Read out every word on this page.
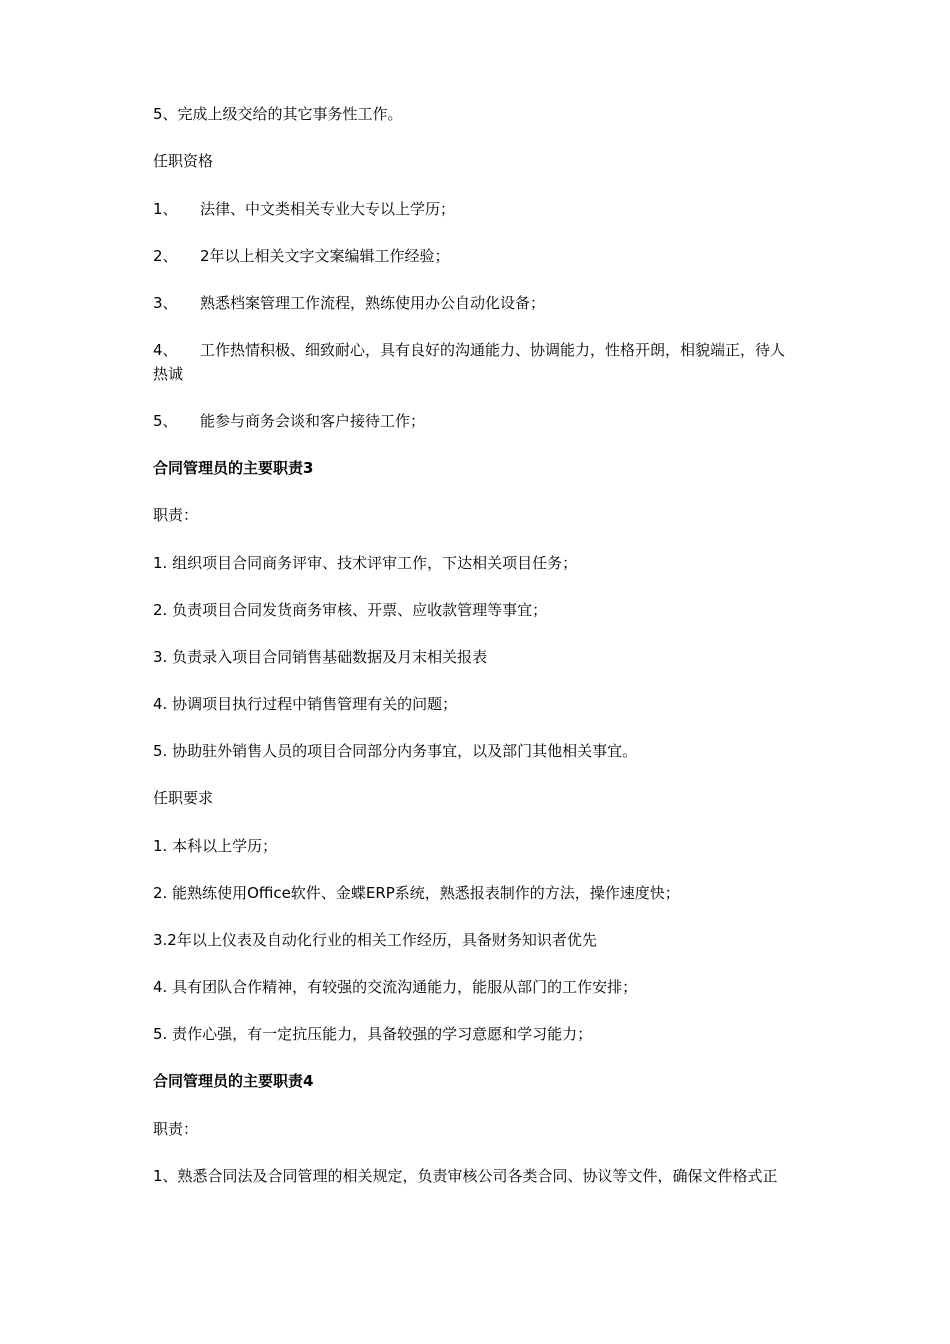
5、完成上级交给的其它事务性工作。
任职资格
1、 法律、中文类相关专业大专以上学历；
2、 2年以上相关文字文案编辑工作经验；
3、 熟悉档案管理工作流程，熟练使用办公自动化设备；
4、 工作热情积极、细致耐心，具有良好的沟通能力、协调能力，性格开朗，相貌端正，待人
热诚
5、 能参与商务会谈和客户接待工作；
合同管理员的主要职责3
职责：
1. 组织项目合同商务评审、技术评审工作，下达相关项目任务；
2. 负责项目合同发货商务审核、开票、应收款管理等事宜；
3. 负责录入项目合同销售基础数据及月末相关报表
4. 协调项目执行过程中销售管理有关的问题；
5. 协助驻外销售人员的项目合同部分内务事宜，以及部门其他相关事宜。
任职要求
1. 本科以上学历；
2. 能熟练使用Office软件、金蝶ERP系统，熟悉报表制作的方法，操作速度快；
3.2年以上仪表及自动化行业的相关工作经历，具备财务知识者优先
4. 具有团队合作精神，有较强的交流沟通能力，能服从部门的工作安排；
5. 责作心强，有一定抗压能力，具备较强的学习意愿和学习能力；
合同管理员的主要职责4
职责：
1、熟悉合同法及合同管理的相关规定，负责审核公司各类合同、协议等文件，确保文件格式正
